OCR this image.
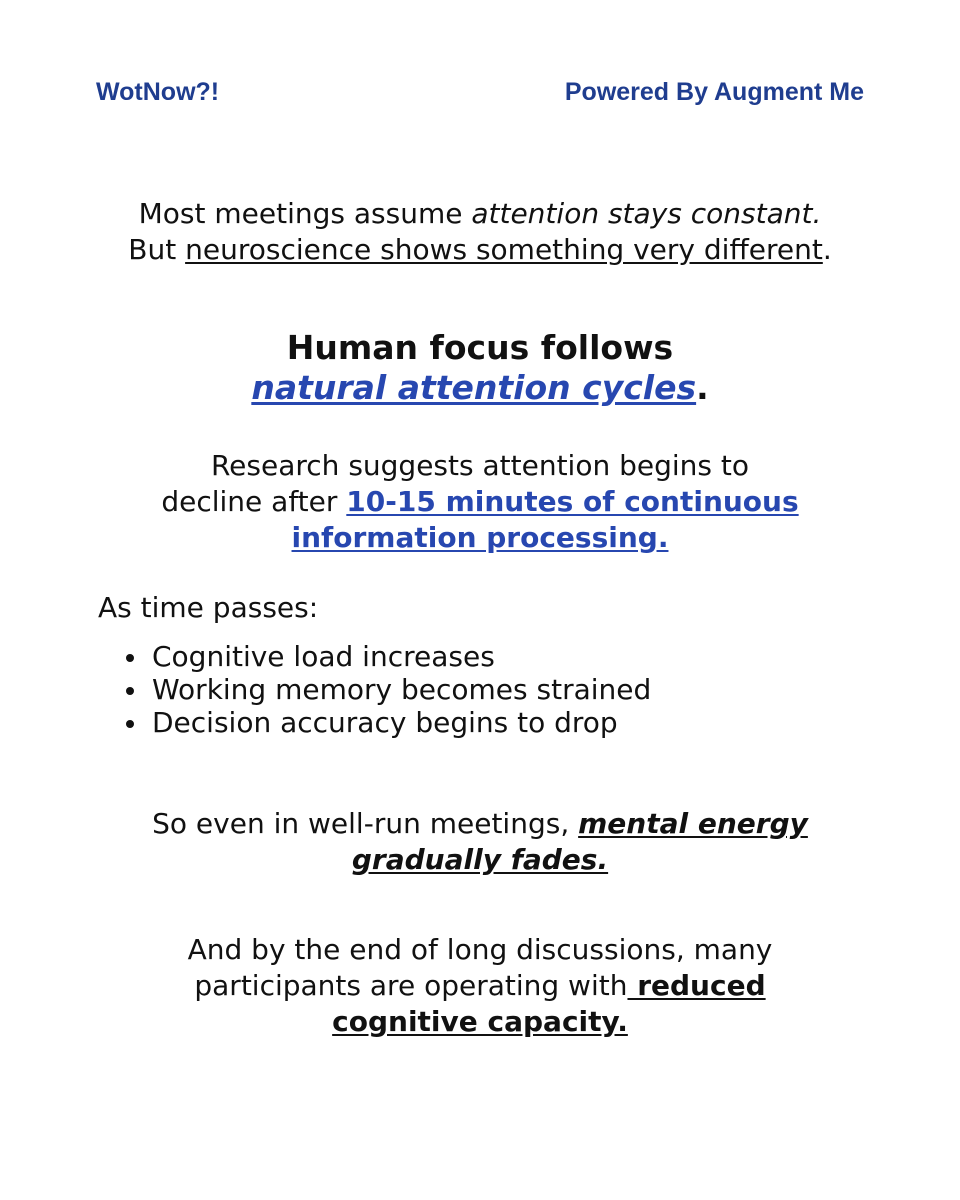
WotNow?!	Powered By Augment Me
Most meetings assume attention stays constant.
But neuroscience shows something very different.
Human focus follows
natural attention cycles.
Research suggests attention begins to
decline after 10-15 minutes of continuous
information processing.
As time passes:
Cognitive load increases
Working memory becomes strained
Decision accuracy begins to drop
So even in well-run meetings, mental energy
gradually fades.
And by the end of long discussions, many
participants are operating with reduced
cognitive capacity.
